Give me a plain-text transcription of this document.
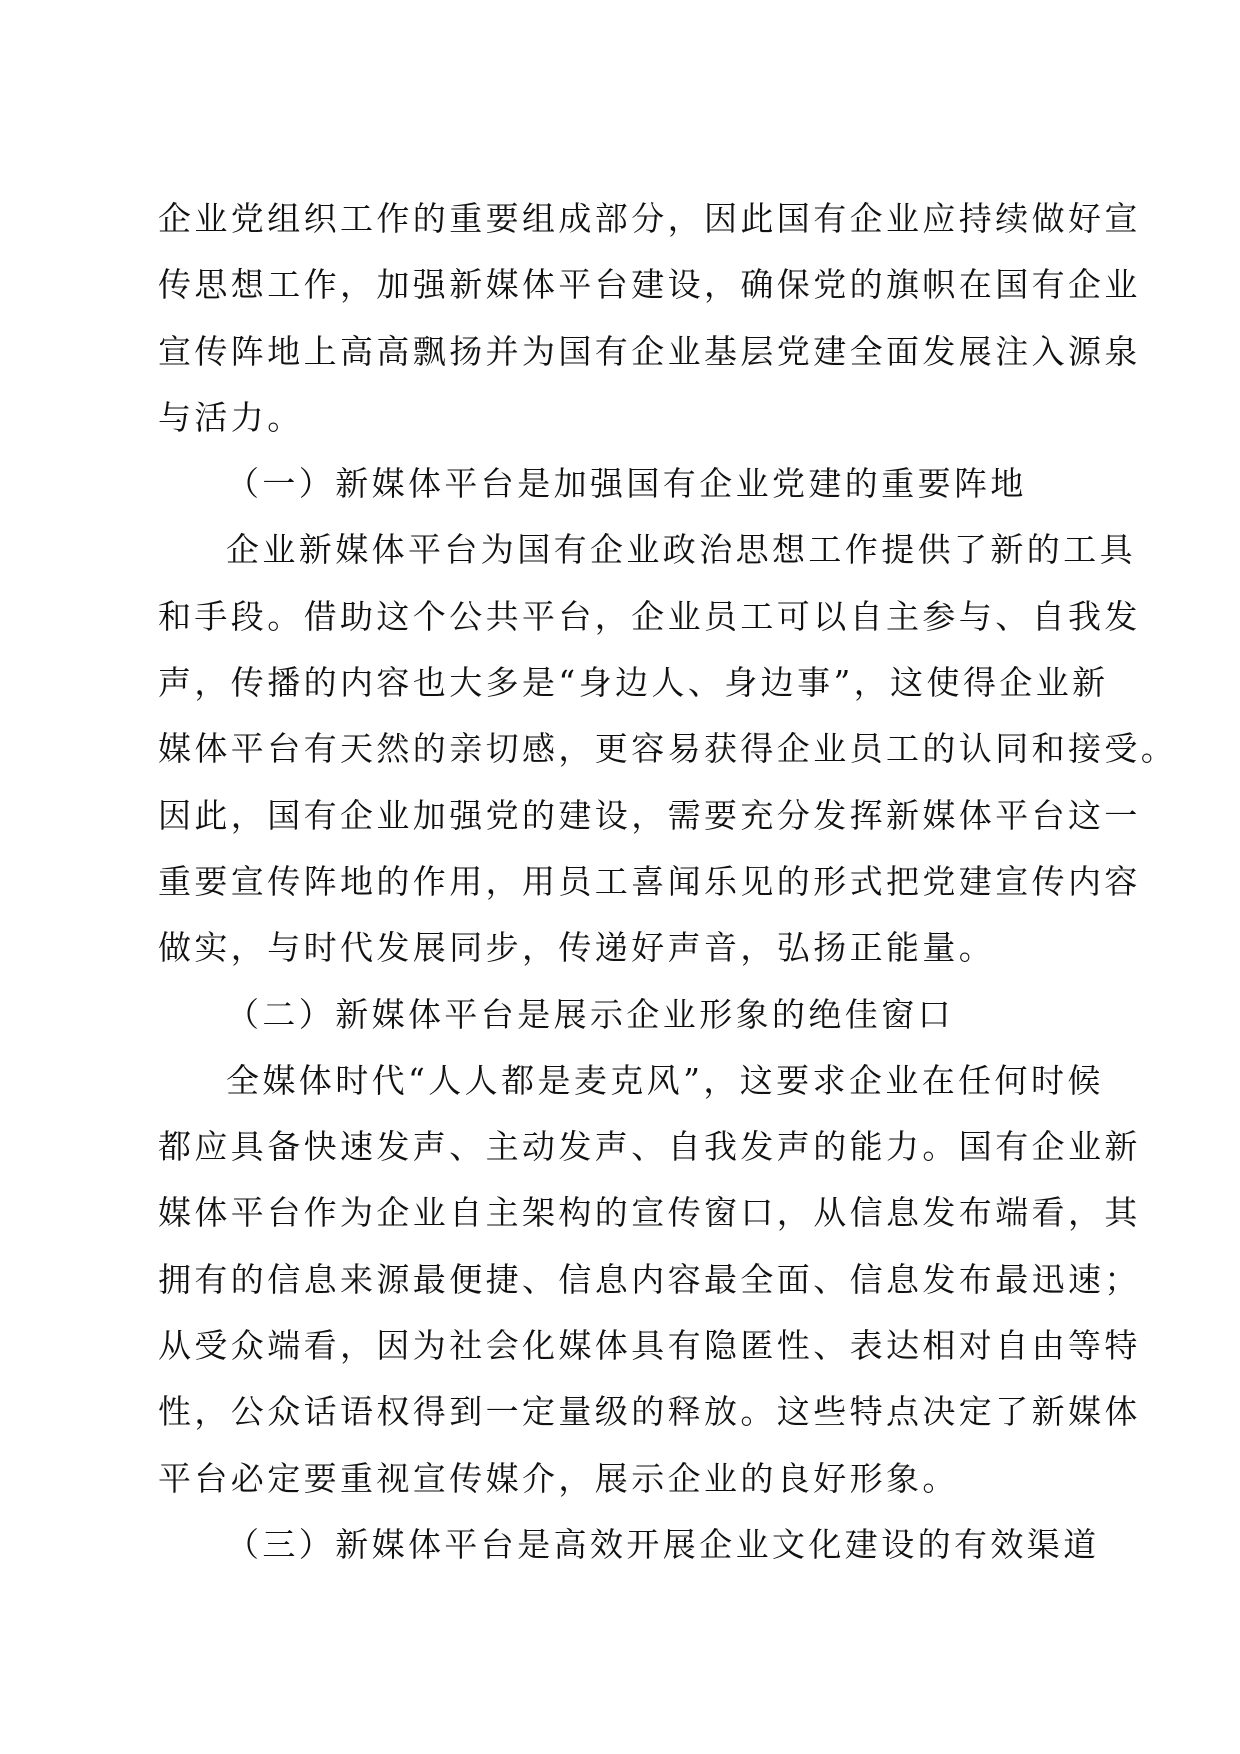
企业党组织工作的重要组成部分，因此国有企业应持续做好宣
传思想工作，加强新媒体平台建设，确保党的旗帜在国有企业
宣传阵地上高高飘扬并为国有企业基层党建全面发展注入源泉
与活力。
（一）新媒体平台是加强国有企业党建的重要阵地
企业新媒体平台为国有企业政治思想工作提供了新的工具
和手段。借助这个公共平台，企业员工可以自主参与、自我发
声，传播的内容也大多是“身边人、身边事”，这使得企业新
媒体平台有天然的亲切感，更容易获得企业员工的认同和接受。
因此，国有企业加强党的建设，需要充分发挥新媒体平台这一
重要宣传阵地的作用，用员工喜闻乐见的形式把党建宣传内容
做实，与时代发展同步，传递好声音，弘扬正能量。
（二）新媒体平台是展示企业形象的绝佳窗口
全媒体时代“人人都是麦克风”，这要求企业在任何时候
都应具备快速发声、主动发声、自我发声的能力。国有企业新
媒体平台作为企业自主架构的宣传窗口，从信息发布端看，其
拥有的信息来源最便捷、信息内容最全面、信息发布最迅速；
从受众端看，因为社会化媒体具有隐匿性、表达相对自由等特
性，公众话语权得到一定量级的释放。这些特点决定了新媒体
平台必定要重视宣传媒介，展示企业的良好形象。
（三）新媒体平台是高效开展企业文化建设的有效渠道
